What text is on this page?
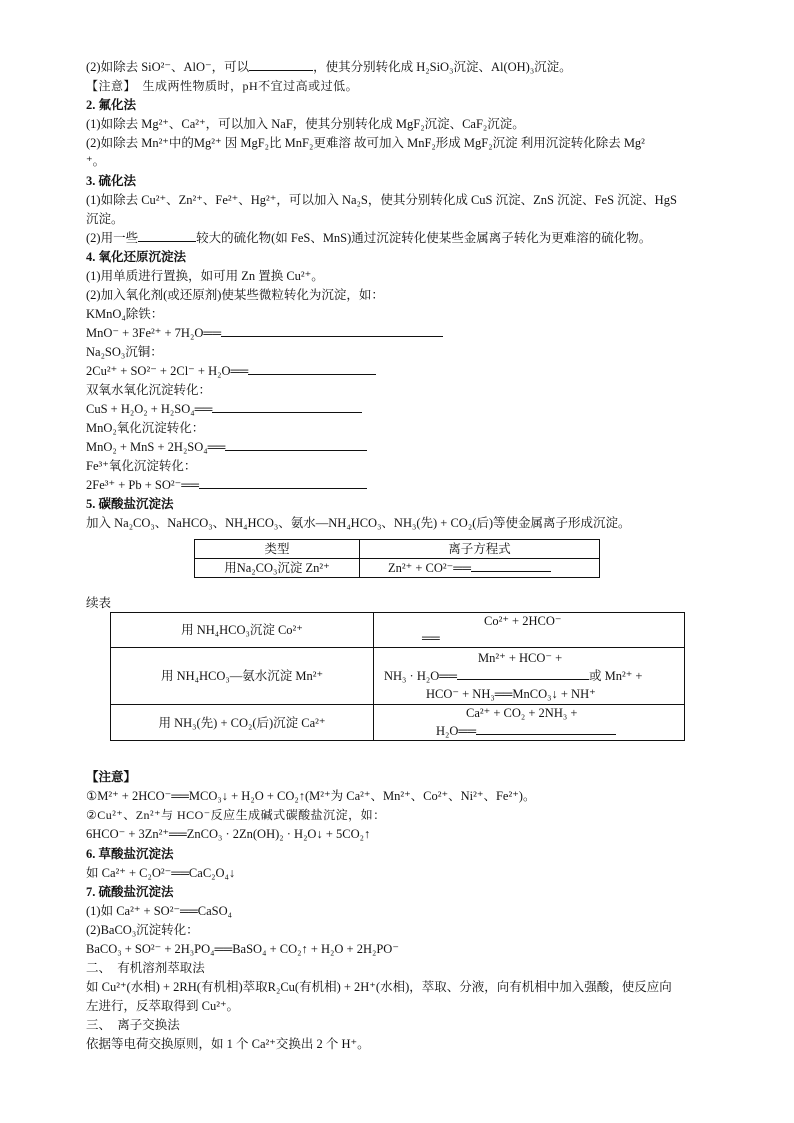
(2)如除去 SiO²⁻、AlO⁻，可以	，使其分别转化成 H₂SiO₃沉淀、Al(OH)₃沉淀。
【注意】　生成两性物质时，pH不宜过高或过低。
2. 氟化法
(1)如除去 Mg²⁺、Ca²⁺，可以加入 NaF，使其分别转化成 MgF₂沉淀、CaF₂沉淀。
(2)如除去 Mn²⁺中的Mg²⁺ 因 MgF₂比 MnF₂更难溶 故可加入 MnF₂形成 MgF₂沉淀 利用沉淀转化除去 Mg²
⁺。
3. 硫化法
(1)如除去 Cu²⁺、Zn²⁺、Fe²⁺、Hg²⁺，可以加入 Na₂S，使其分别转化成 CuS 沉淀、ZnS 沉淀、FeS 沉淀、HgS
沉淀。
(2)用一些	较大的硫化物(如 FeS、MnS)通过沉淀转化使某些金属离子转化为更难溶的硫化物。
4. 氧化还原沉淀法
(1)用单质进行置换，如可用 Zn 置换 Cu²⁺。
(2)加入氧化剂(或还原剂)使某些微粒转化为沉淀，如：
KMnO₄除铁：
MnO⁻ + 3Fe²⁺ + 7H₂O══
Na₂SO₃沉铜：
2Cu²⁺ + SO²⁻ + 2Cl⁻ + H₂O══
双氧水氧化沉淀转化：
CuS + H₂O₂ + H₂SO₄══
MnO₂氧化沉淀转化：
MnO₂ + MnS + 2H₂SO₄══
Fe³⁺氧化沉淀转化：
2Fe³⁺ + Pb + SO²⁻══
5. 碳酸盐沉淀法
加入 Na₂CO₃、NaHCO₃、NH₄HCO₃、氨水—NH₄HCO₃、NH₃(先) + CO₂(后)等使金属离子形成沉淀。
类型	离子方程式
用Na₂CO₃沉淀 Zn²⁺	Zn²⁺ + CO²⁻══
续表
用 NH₄HCO₃沉淀 Co²⁺	Co²⁺ + 2HCO⁻
══

用 NH₄HCO₃—氨水沉淀 Mn²⁺	Mn²⁺ + HCO⁻ +
NH₃ · H₂O══ 或 Mn²⁺ +
HCO⁻ + NH₃══MnCO₃↓ + NH⁺

用 NH₃(先) + CO₂(后)沉淀 Ca²⁺	Ca²⁺ + CO₂ + 2NH₃ +
H₂O══
【注意】
①M²⁺ + 2HCO⁻══MCO₃↓ + H₂O + CO₂↑(M²⁺为 Ca²⁺、Mn²⁺、Co²⁺、Ni²⁺、Fe²⁺)。
②Cu²⁺、Zn²⁺与 HCO⁻反应生成碱式碳酸盐沉淀，如：
6HCO⁻ + 3Zn²⁺══ZnCO₃ · 2Zn(OH)₂ · H₂O↓ + 5CO₂↑
6. 草酸盐沉淀法
如 Ca²⁺ + C₂O²⁻══CaC₂O₄↓
7. 硫酸盐沉淀法
(1)如 Ca²⁺ + SO²⁻══CaSO₄
(2)BaCO₃沉淀转化：
BaCO₃ + SO²⁻ + 2H₃PO₄══BaSO₄ + CO₂↑ + H₂O + 2H₂PO⁻
二、　有机溶剂萃取法
如 Cu²⁺(水相) + 2RH(有机相)萃取R₂Cu(有机相) + 2H⁺(水相)，萃取、分液，向有机相中加入强酸，使反应向
左进行，反萃取得到 Cu²⁺。
三、　离子交换法
依据等电荷交换原则，如 1 个 Ca²⁺交换出 2 个 H⁺。
